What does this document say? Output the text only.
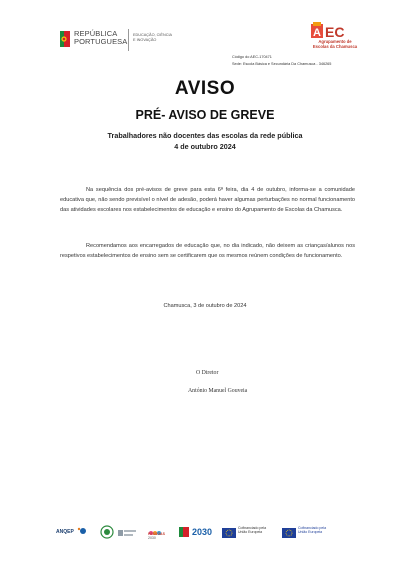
REPÚBLICA
PORTUGUESA
EDUCAÇÃO, CIÊNCIA
E INOVAÇÃO	EC
A
Agrupamento de
Escolas da Chamusca
Código do AEC-170471
Sede: Escola Básica e Secundária Da Chamusca - 346265
AVISO
PRÉ- AVISO DE GREVE
Trabalhadores não docentes das escolas da rede pública
4 de outubro 2024
Na sequência dos pré-avisos de greve para esta 6ª feira, dia 4 de outubro, informa-se a comunidade educativa que, não sendo previsível o nível de adesão, poderá haver algumas perturbações no normal funcionamento das atividades escolares nos estabelecimentos de educação e ensino do Agrupamento de Escolas da Chamusca.
Recomendamos aos encarregados de educação que, no dia indicado, não deixem as crianças/alunos nos respetivos estabelecimentos de ensino sem se certificarem que os mesmos reúnem condições de funcionamento.
Chamusca, 3 de outubro de 2024
O Diretor
António Manuel Gouveia
ANQEP	PESSOAS
2030
2030	Cofinanciado pela
União Europeia
Cofinanciado pela
União Europeia
